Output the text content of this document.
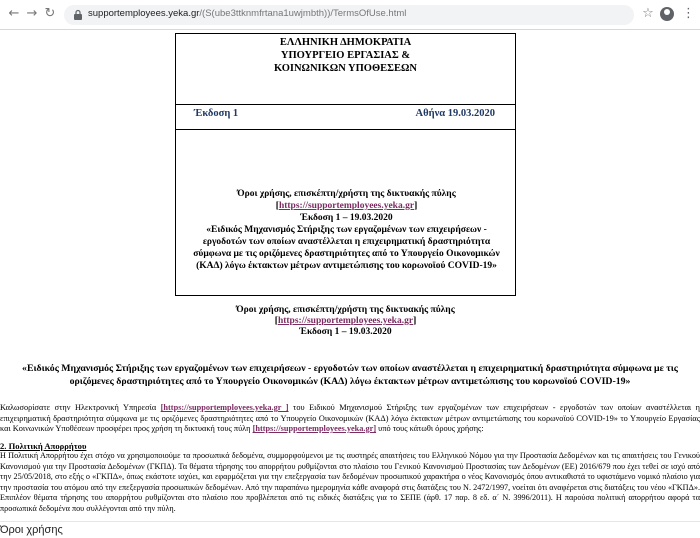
← → ↻	supportemployees.yeka.gr/(S(ube3ttknmfrtana1uwjmbth))/TermsOfUse.html	☆ ⋮
ΕΛΛΗΝΙΚΗ ΔΗΜΟΚΡΑΤΙΑ
ΥΠΟΥΡΓΕΙΟ ΕΡΓΑΣΙΑΣ &
ΚΟΙΝΩΝΙΚΩΝ ΥΠΟΘΕΣΕΩΝ
Έκδοση 1	Αθήνα 19.03.2020
Όροι χρήσης, επισκέπτη/χρήστη της δικτυακής πύλης
[https://supportemployees.yeka.gr]
Έκδοση 1 – 19.03.2020
«Ειδικός Μηχανισμός Στήριξης των εργαζομένων των επιχειρήσεων - εργοδοτών των οποίων αναστέλλεται η επιχειρηματική δραστηριότητα σύμφωνα με τις οριζόμενες δραστηριότητες από το Υπουργείο Οικονομικών (ΚΑΔ) λόγω έκτακτων μέτρων αντιμετώπισης του κορωνοϊού COVID-19»
Όροι χρήσης, επισκέπτη/χρήστη της δικτυακής πύλης
[https://supportemployees.yeka.gr]
Έκδοση 1 – 19.03.2020
«Ειδικός Μηχανισμός Στήριξης των εργαζομένων των επιχειρήσεων - εργοδοτών των οποίων αναστέλλεται η επιχειρηματική δραστηριότητα σύμφωνα με τις οριζόμενες δραστηριότητες από το Υπουργείο Οικονομικών (ΚΑΔ) λόγω έκτακτων μέτρων αντιμετώπισης του κορωνοϊού COVID-19»
Καλωσορίσατε στην Ηλεκτρονική Υπηρεσία [https://supportemployees.yeka.gr ] του Ειδικού Μηχανισμού Στήριξης των εργαζομένων των επιχειρήσεων - εργοδοτών των οποίων αναστέλλεται η επιχειρηματική δραστηριότητα σύμφωνα με τις οριζόμενες δραστηριότητες από το Υπουργείο Οικονομικών (ΚΑΔ) λόγω έκτακτων μέτρων αντιμετώπισης του κορωνοϊού COVID-19» το Υπουργείο Εργασίας και Κοινωνικών Υποθέσεων προσφέρει προς χρήση τη δικτυακή τους πύλη [https://supportemployees.yeka.gr] υπό τους κάτωθι όρους χρήσης:
2. Πολιτική Απορρήτου
Η Πολιτική Απορρήτου έχει στόχο να χρησιμοποιούμε τα προσωπικά δεδομένα, συμμορφούμενοι με τις αυστηρές απαιτήσεις του Ελληνικού Νόμου για την Προστασία Δεδομένων και τις απαιτήσεις του Γενικού Κανονισμού για την Προστασία Δεδομένων (ΓΚΠΔ). Τα θέματα τήρησης του απορρήτου ρυθμίζονται στο πλαίσιο του Γενικού Κανονισμού Προστασίας των Δεδομένων (ΕΕ) 2016/679 που έχει τεθεί σε ισχύ από την 25/05/2018, στο εξής ο «ΓΚΠΔ», όπως εκάστοτε ισχύει, και εφαρμόζεται για την επεξεργασία των δεδομένων προσωπικού χαρακτήρα ο νέος Κανονισμός όπου αντικαθιστά το υφιστάμενο νομικό πλαίσιο για την προστασία του ατόμου από την επεξεργασία προσωπικών δεδομένων. Από την παραπάνω ημερομηνία κάθε αναφορά στις διατάξεις του Ν. 2472/1997, νοείται ότι αναφέρεται στις διατάξεις του νέου «ΓΚΠΔ». Επιπλέον θέματα τήρησης του απορρήτου ρυθμίζονται στο πλαίσιο που προβλέπεται από τις ειδικές διατάξεις για το ΣΕΠΕ (άρθ. 17 παρ. 8 εδ. α΄ Ν. 3996/2011). Η παρούσα πολιτική απορρήτου αφορά τα προσωπικά δεδομένα που συλλέγονται από την πύλη.
Όροι χρήσης
